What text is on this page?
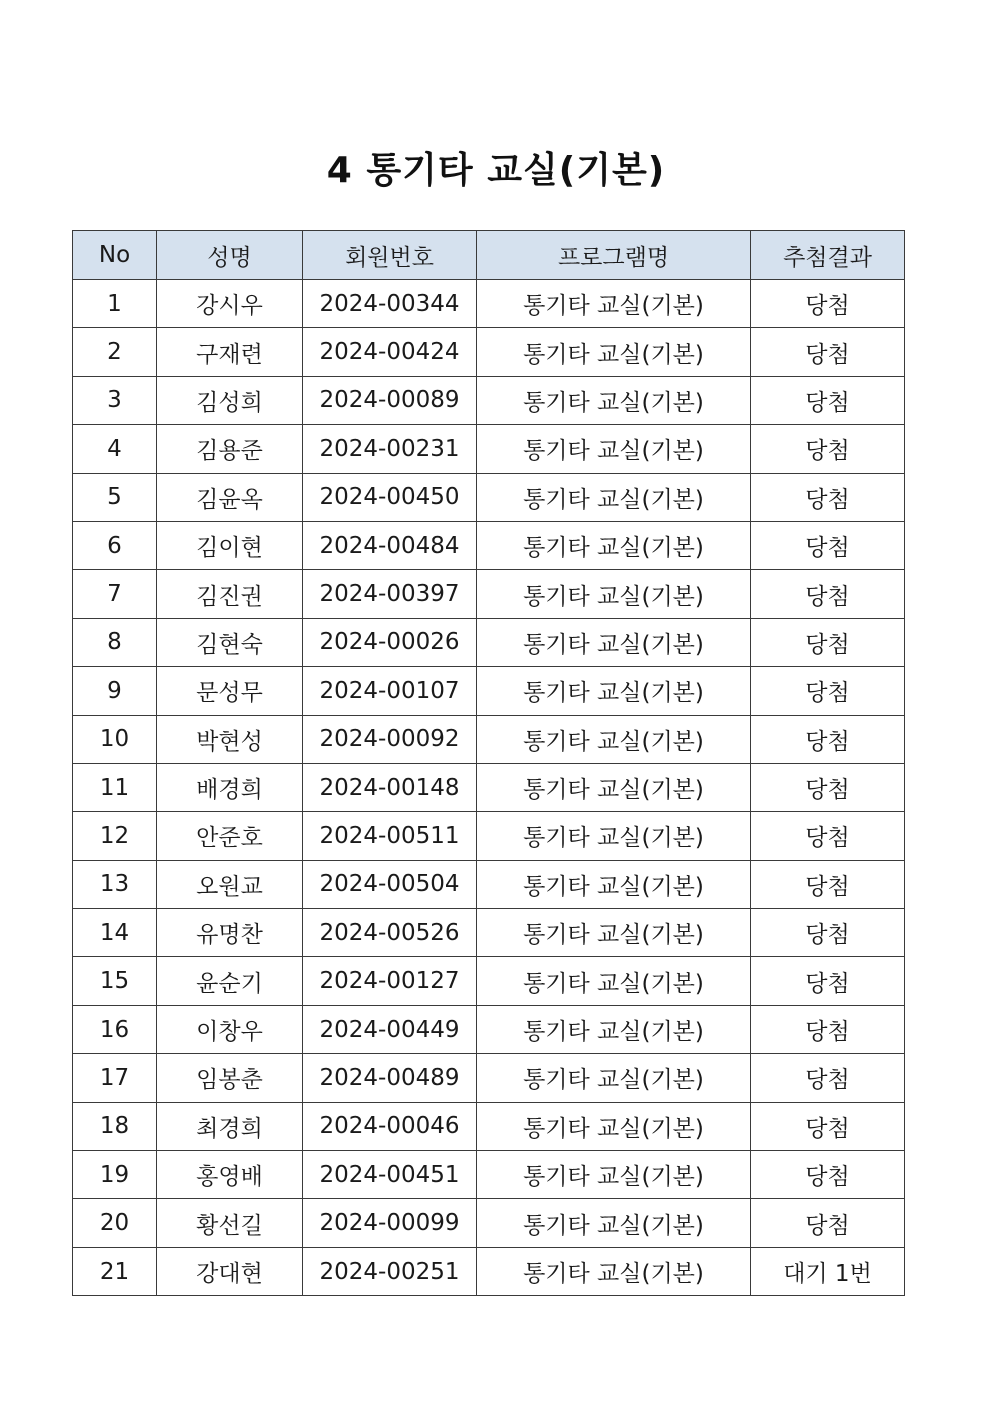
4 통기타 교실(기본)
No	성명	회원번호	프로그램명	추첨결과
1	강시우	2024-00344	통기타 교실(기본)	당첨
2	구재련	2024-00424	통기타 교실(기본)	당첨
3	김성희	2024-00089	통기타 교실(기본)	당첨
4	김용준	2024-00231	통기타 교실(기본)	당첨
5	김윤옥	2024-00450	통기타 교실(기본)	당첨
6	김이현	2024-00484	통기타 교실(기본)	당첨
7	김진권	2024-00397	통기타 교실(기본)	당첨
8	김현숙	2024-00026	통기타 교실(기본)	당첨
9	문성무	2024-00107	통기타 교실(기본)	당첨
10	박현성	2024-00092	통기타 교실(기본)	당첨
11	배경희	2024-00148	통기타 교실(기본)	당첨
12	안준호	2024-00511	통기타 교실(기본)	당첨
13	오원교	2024-00504	통기타 교실(기본)	당첨
14	유명찬	2024-00526	통기타 교실(기본)	당첨
15	윤순기	2024-00127	통기타 교실(기본)	당첨
16	이창우	2024-00449	통기타 교실(기본)	당첨
17	임봉춘	2024-00489	통기타 교실(기본)	당첨
18	최경희	2024-00046	통기타 교실(기본)	당첨
19	홍영배	2024-00451	통기타 교실(기본)	당첨
20	황선길	2024-00099	통기타 교실(기본)	당첨
21	강대현	2024-00251	통기타 교실(기본)	대기 1번
